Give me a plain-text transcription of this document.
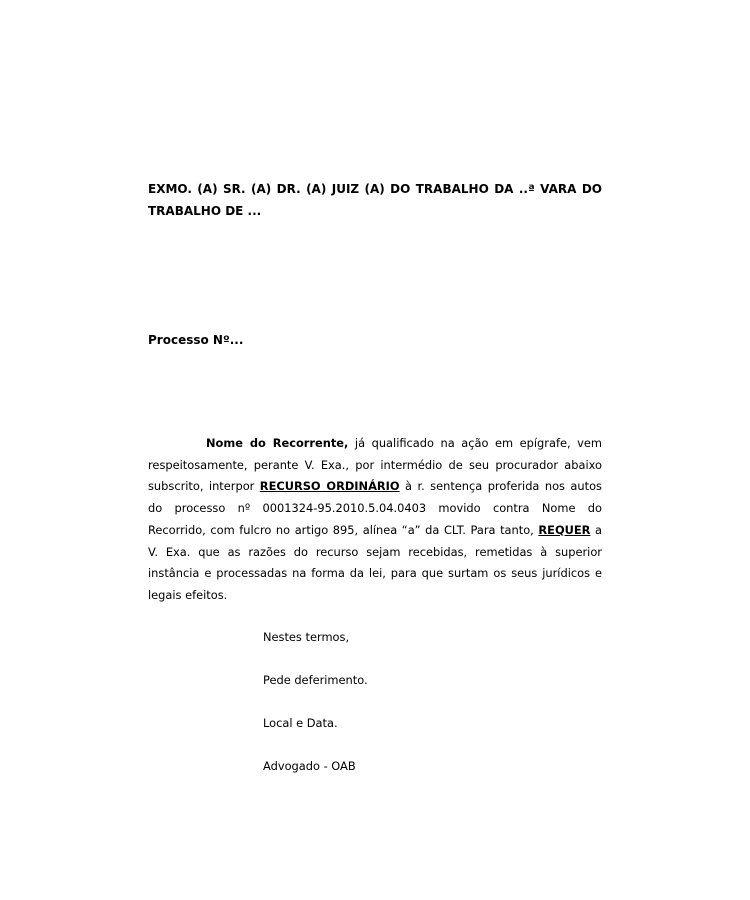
EXMO. (A) SR. (A) DR. (A) JUIZ (A) DO TRABALHO DA ..ª VARA DO TRABALHO DE ...
Processo Nº...
Nome do Recorrente, já qualificado na ação em epígrafe, vem respeitosamente, perante V. Exa., por intermédio de seu procurador abaixo subscrito, interpor RECURSO ORDINÁRIO à r. sentença proferida nos autos do processo nº 0001324-95.2010.5.04.0403 movido contra Nome do Recorrido, com fulcro no artigo 895, alínea “a” da CLT. Para tanto, REQUER a V. Exa. que as razões do recurso sejam recebidas, remetidas à superior instância e processadas na forma da lei, para que surtam os seus jurídicos e legais efeitos.
Nestes termos,
Pede deferimento.
Local e Data.
Advogado - OAB
